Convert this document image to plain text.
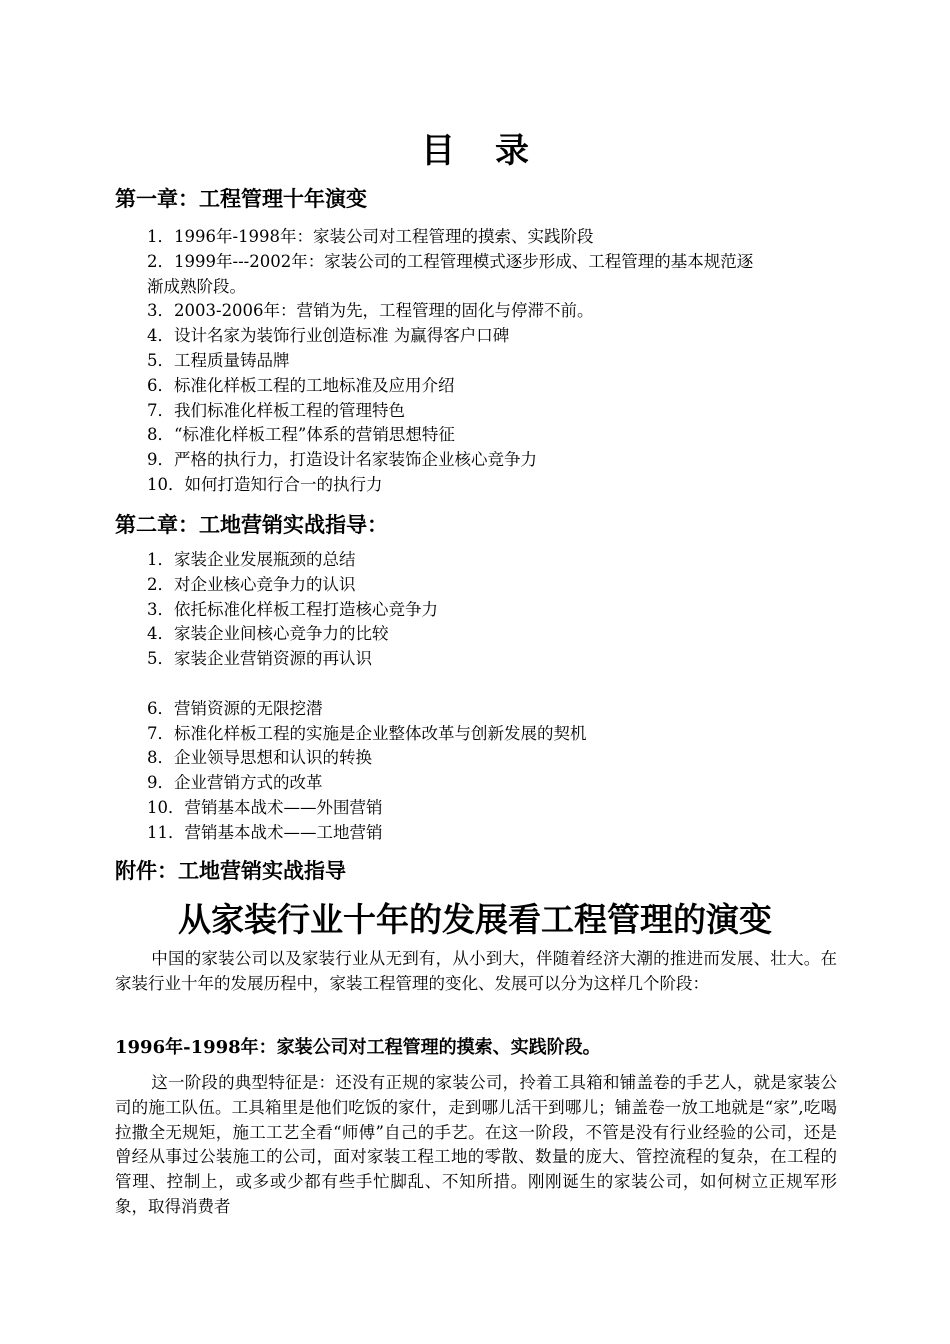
目 录
第一章：工程管理十年演变
1．1996年-1998年：家装公司对工程管理的摸索、实践阶段
2．1999年---2002年：家装公司的工程管理模式逐步形成、工程管理的基本规范逐
渐成熟阶段。
3．2003-2006年：营销为先，工程管理的固化与停滞不前。
4．设计名家为装饰行业创造标准 为赢得客户口碑
5．工程质量铸品牌
6．标准化样板工程的工地标准及应用介绍
7．我们标准化样板工程的管理特色
8．“标准化样板工程”体系的营销思想特征
9．严格的执行力，打造设计名家装饰企业核心竞争力
10．如何打造知行合一的执行力
第二章：工地营销实战指导：
1．家装企业发展瓶颈的总结
2．对企业核心竞争力的认识
3．依托标准化样板工程打造核心竞争力
4．家装企业间核心竞争力的比较
5．家装企业营销资源的再认识
6．营销资源的无限挖潜
7．标准化样板工程的实施是企业整体改革与创新发展的契机
8．企业领导思想和认识的转换
9．企业营销方式的改革
10．营销基本战术——外围营销
11．营销基本战术——工地营销
附件：工地营销实战指导
从家装行业十年的发展看工程管理的演变

中国的家装公司以及家装行业从无到有，从小到大，伴随着经济大潮的推进而发展、壮大。在家装行业十年的发展历程中，家装工程管理的变化、发展可以分为这样几个阶段：

1996年-1998年：家装公司对工程管理的摸索、实践阶段。

这一阶段的典型特征是：还没有正规的家装公司，拎着工具箱和铺盖卷的手艺人，就是家装公司的施工队伍。工具箱里是他们吃饭的家什，走到哪儿活干到哪儿；铺盖卷一放工地就是“家”,吃喝拉撒全无规矩，施工工艺全看“师傅”自己的手艺。在这一阶段，不管是没有行业经验的公司，还是曾经从事过公装施工的公司，面对家装工程工地的零散、数量的庞大、管控流程的复杂，在工程的管理、控制上，或多或少都有些手忙脚乱、不知所措。刚刚诞生的家装公司，如何树立正规军形象，取得消费者
